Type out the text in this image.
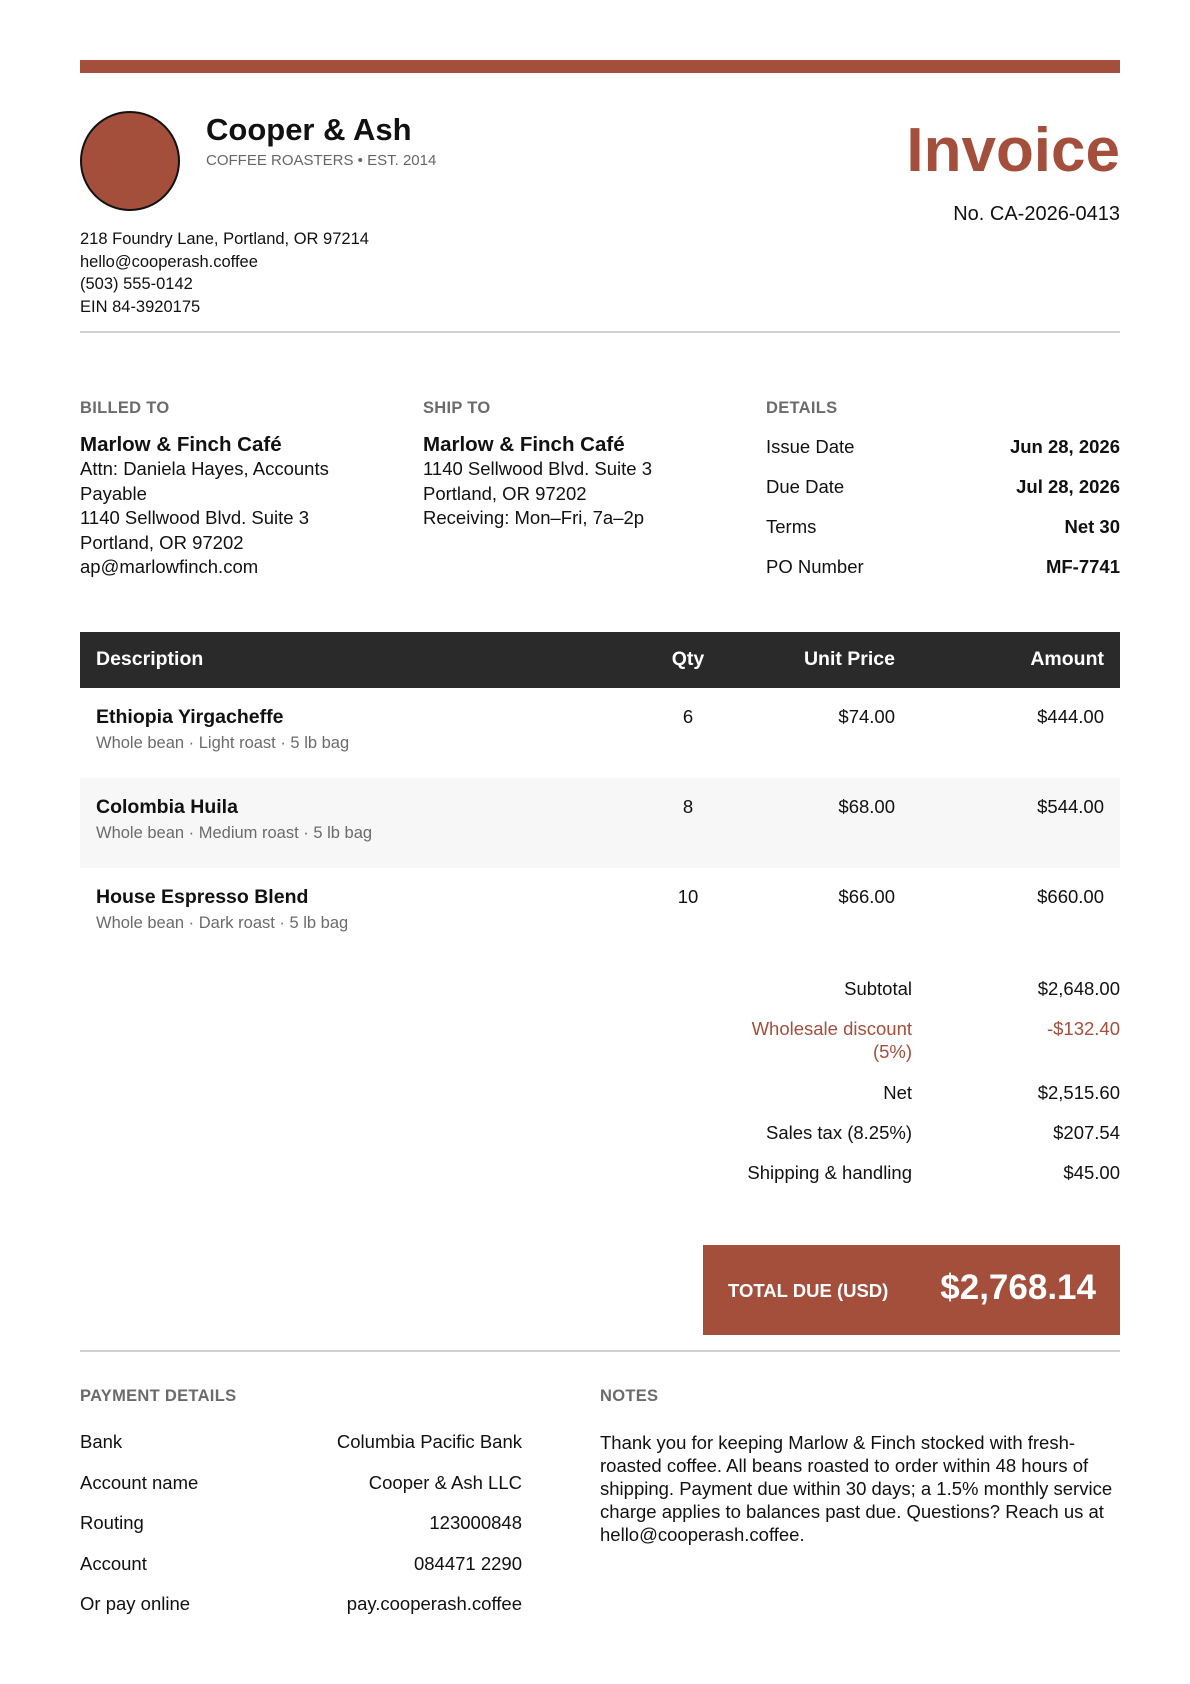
Cooper & Ash
COFFEE ROASTERS • EST. 2014	Invoice
No. CA-2026-0413
218 Foundry Lane, Portland, OR 97214
hello@cooperash.coffee
(503) 555-0142
EIN 84-3920175
BILLED TO
Marlow & Finch Café
Attn: Daniela Hayes, Accounts Payable
1140 Sellwood Blvd. Suite 3
Portland, OR 97202
ap@marlowfinch.com
SHIP TO
Marlow & Finch Café
1140 Sellwood Blvd. Suite 3
Portland, OR 97202
Receiving: Mon–Fri, 7a–2p
DETAILS
Issue Date	Jun 28, 2026
Due Date	Jul 28, 2026
Terms	Net 30
PO Number	MF-7741
Description	Qty	Unit Price	Amount
Ethiopia Yirgacheffe
Whole bean · Light roast · 5 lb bag
6	$74.00	$444.00
Colombia Huila
Whole bean · Medium roast · 5 lb bag
8	$68.00	$544.00
House Espresso Blend
Whole bean · Dark roast · 5 lb bag
10	$66.00	$660.00
Subtotal	$2,648.00
Wholesale discount (5%)
-$132.40
Net	$2,515.60
Sales tax (8.25%)	$207.54
Shipping & handling	$45.00
TOTAL DUE (USD) $2,768.14
PAYMENT DETAILS
Bank	Columbia Pacific Bank
Account name	Cooper & Ash LLC
Routing	123000848
Account	084471 2290
Or pay online	pay.cooperash.coffee
NOTES
Thank you for keeping Marlow & Finch stocked with fresh-roasted coffee. All beans roasted to order within 48 hours of shipping. Payment due within 30 days; a 1.5% monthly service charge applies to balances past due. Questions? Reach us at hello@cooperash.coffee.
